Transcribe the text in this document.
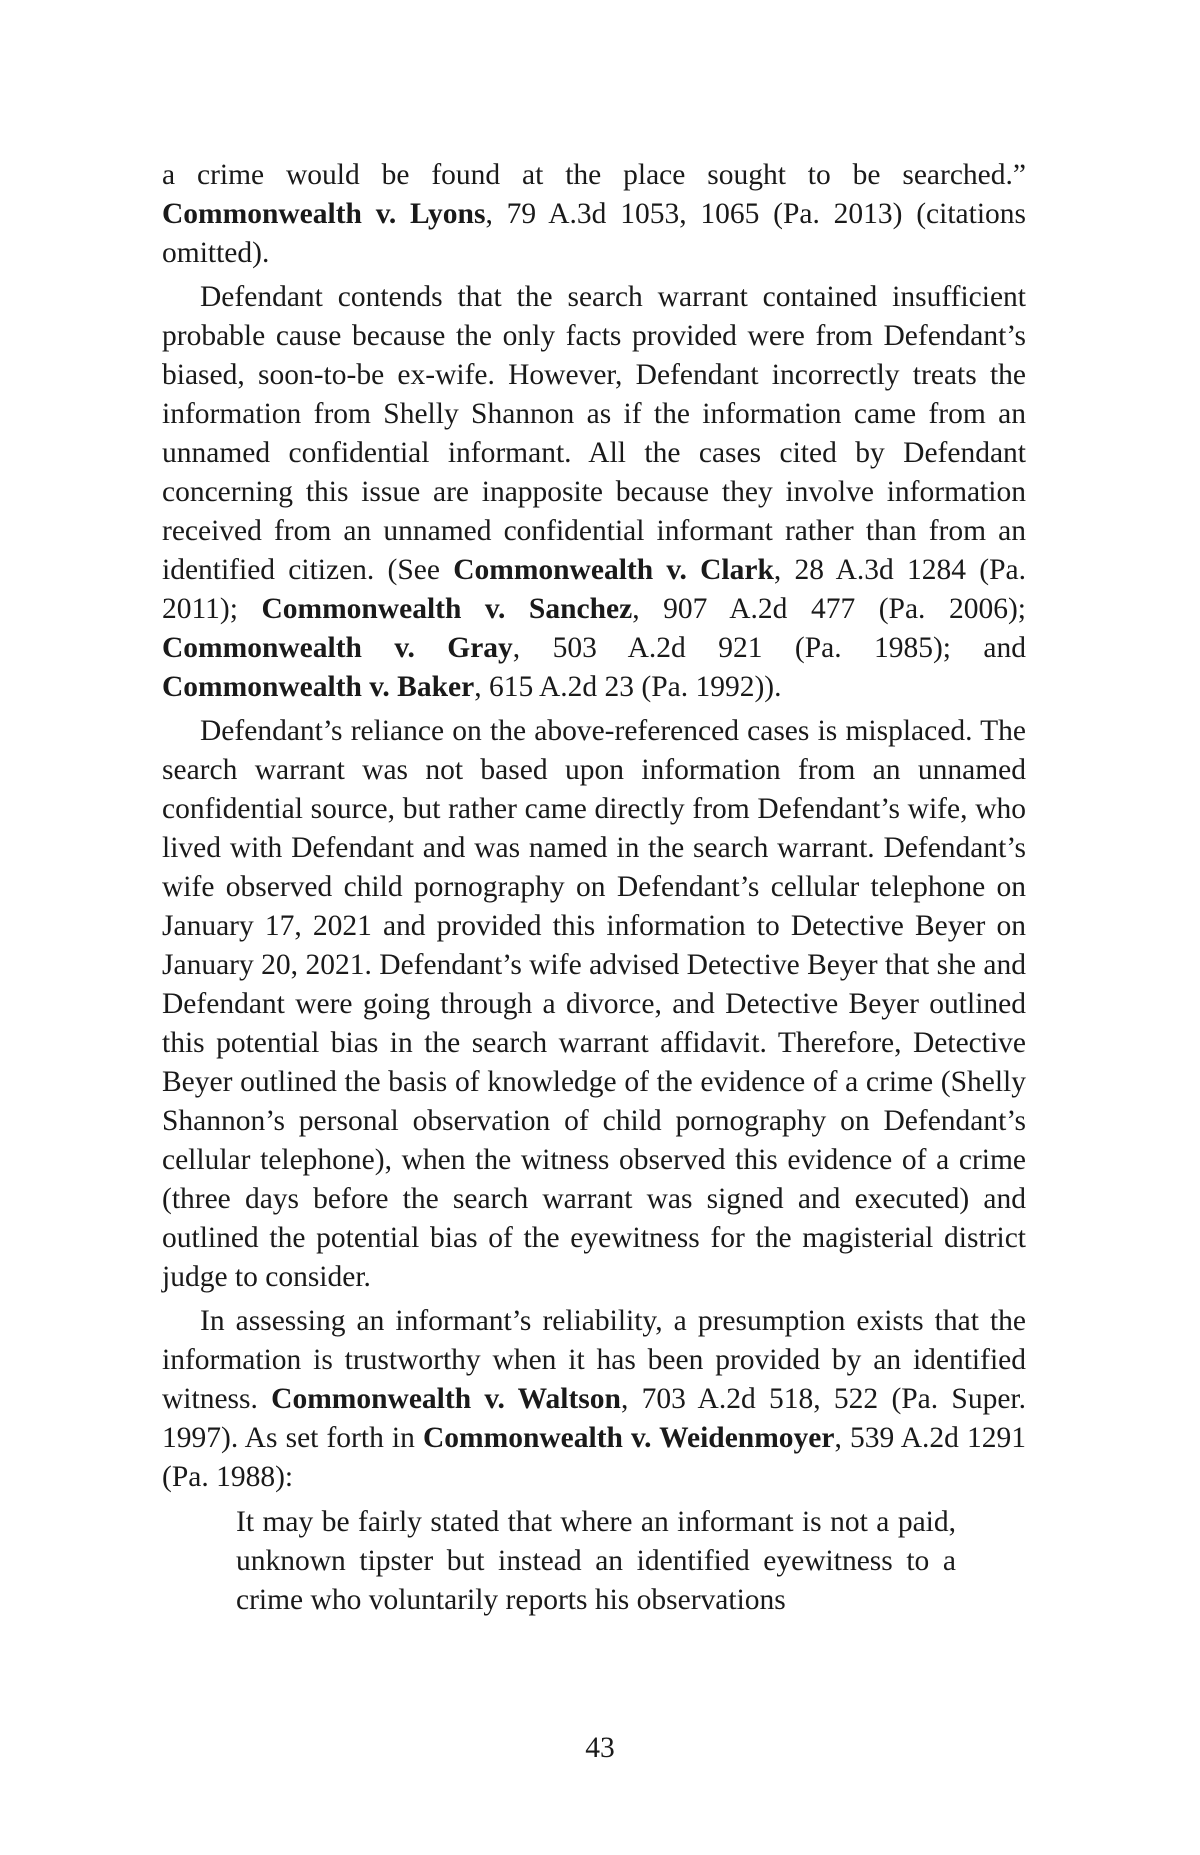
a crime would be found at the place sought to be searched.” Commonwealth v. Lyons, 79 A.3d 1053, 1065 (Pa. 2013) (citations omitted).

Defendant contends that the search warrant contained insufficient probable cause because the only facts provided were from Defendant’s biased, soon-to-be ex-wife. However, Defendant incorrectly treats the information from Shelly Shannon as if the information came from an unnamed confidential informant. All the cases cited by Defendant concerning this issue are inapposite because they involve information received from an unnamed confidential informant rather than from an identified citizen. (See Commonwealth v. Clark, 28 A.3d 1284 (Pa. 2011); Commonwealth v. Sanchez, 907 A.2d 477 (Pa. 2006); Commonwealth v. Gray, 503 A.2d 921 (Pa. 1985); and Commonwealth v. Baker, 615 A.2d 23 (Pa. 1992)).

Defendant’s reliance on the above-referenced cases is misplaced. The search warrant was not based upon information from an unnamed confidential source, but rather came directly from Defendant’s wife, who lived with Defendant and was named in the search warrant. Defendant’s wife observed child pornography on Defendant’s cellular telephone on January 17, 2021 and provided this information to Detective Beyer on January 20, 2021. Defendant’s wife advised Detective Beyer that she and Defendant were going through a divorce, and Detective Beyer outlined this potential bias in the search warrant affidavit. Therefore, Detective Beyer outlined the basis of knowledge of the evidence of a crime (Shelly Shannon’s personal observation of child pornography on Defendant’s cellular telephone), when the witness observed this evidence of a crime (three days before the search warrant was signed and executed) and outlined the potential bias of the eyewitness for the magisterial district judge to consider.

In assessing an informant’s reliability, a presumption exists that the information is trustworthy when it has been provided by an identified witness. Commonwealth v. Waltson, 703 A.2d 518, 522 (Pa. Super. 1997). As set forth in Commonwealth v. Weidenmoyer, 539 A.2d 1291 (Pa. 1988):

It may be fairly stated that where an informant is not a paid, unknown tipster but instead an identified eyewitness to a crime who voluntarily reports his observations

43
